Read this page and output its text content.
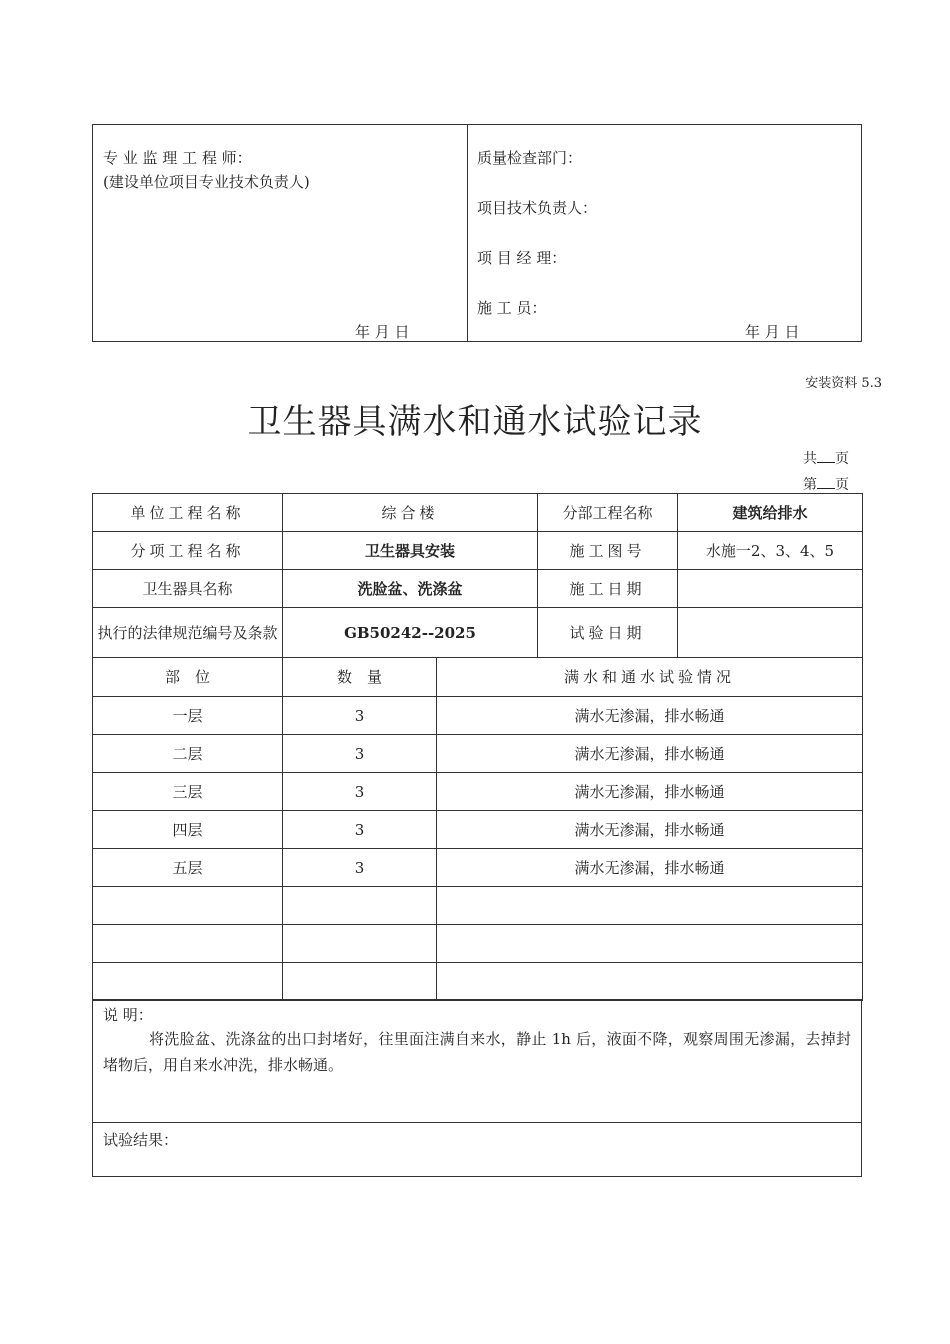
专 业 监 理 工 程 师：
(建设单位项目专业技术负责人)
年 月 日
质量检查部门：
项目技术负责人：
项 目 经 理：
施 工 员：
年 月 日
安装资料 5.3
卫生器具满水和通水试验记录
共 页
第 页
单位工程名称	综合楼		分部工程名称	建筑给排水
分项工程名称	卫生器具安装		施工图号	水施一2、3、4、5
卫生器具名称	洗脸盆、洗涤盆		施工日期	
执行的法律规范编号及条款	GB50242--2025		试验日期	
部　位	数　量	满水和通水试验情况		
一层	3	满水无渗漏，排水畅通		
二层	3	满水无渗漏，排水畅通		
三层	3	满水无渗漏，排水畅通		
四层	3	满水无渗漏，排水畅通		
五层	3	满水无渗漏，排水畅通		

说 明：
将洗脸盆、洗涤盆的出口封堵好，往里面注满自来水，静止 1h 后，液面不降，观察周围无渗漏，去掉封堵物后，用自来水冲洗，排水畅通。
试验结果：
